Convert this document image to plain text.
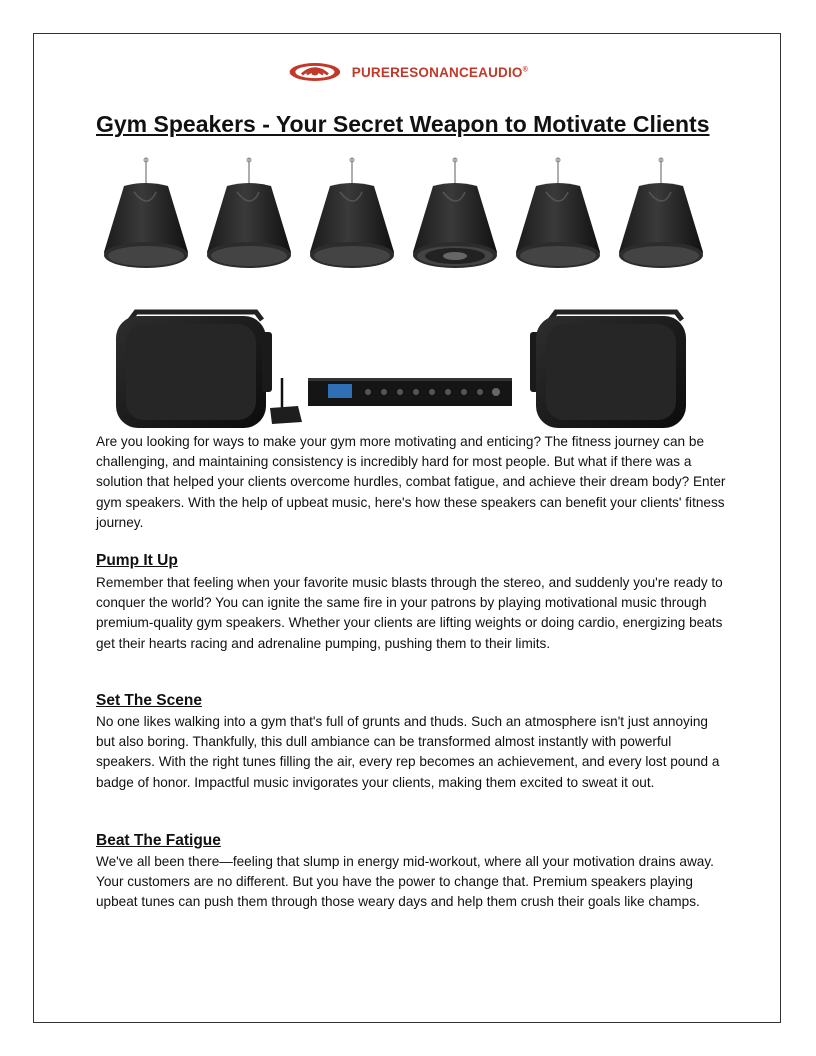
PURERESONANCEAUDIO®
Gym Speakers - Your Secret Weapon to Motivate Clients

Are you looking for ways to make your gym more motivating and enticing? The fitness journey can be challenging, and maintaining consistency is incredibly hard for most people. But what if there was a solution that helped your clients overcome hurdles, combat fatigue, and achieve their dream body? Enter gym speakers. With the help of upbeat music, here's how these speakers can benefit your clients' fitness journey.

Pump It Up

Remember that feeling when your favorite music blasts through the stereo, and suddenly you're ready to conquer the world? You can ignite the same fire in your patrons by playing motivational music through premium-quality gym speakers. Whether your clients are lifting weights or doing cardio, energizing beats get their hearts racing and adrenaline pumping, pushing them to their limits.

Set The Scene

No one likes walking into a gym that's full of grunts and thuds. Such an atmosphere isn't just annoying but also boring. Thankfully, this dull ambiance can be transformed almost instantly with powerful speakers. With the right tunes filling the air, every rep becomes an achievement, and every lost pound a badge of honor. Impactful music invigorates your clients, making them excited to sweat it out.

Beat The Fatigue

We've all been there—feeling that slump in energy mid-workout, where all your motivation drains away. Your customers are no different. But you have the power to change that. Premium speakers playing upbeat tunes can push them through those weary days and help them crush their goals like champs.
